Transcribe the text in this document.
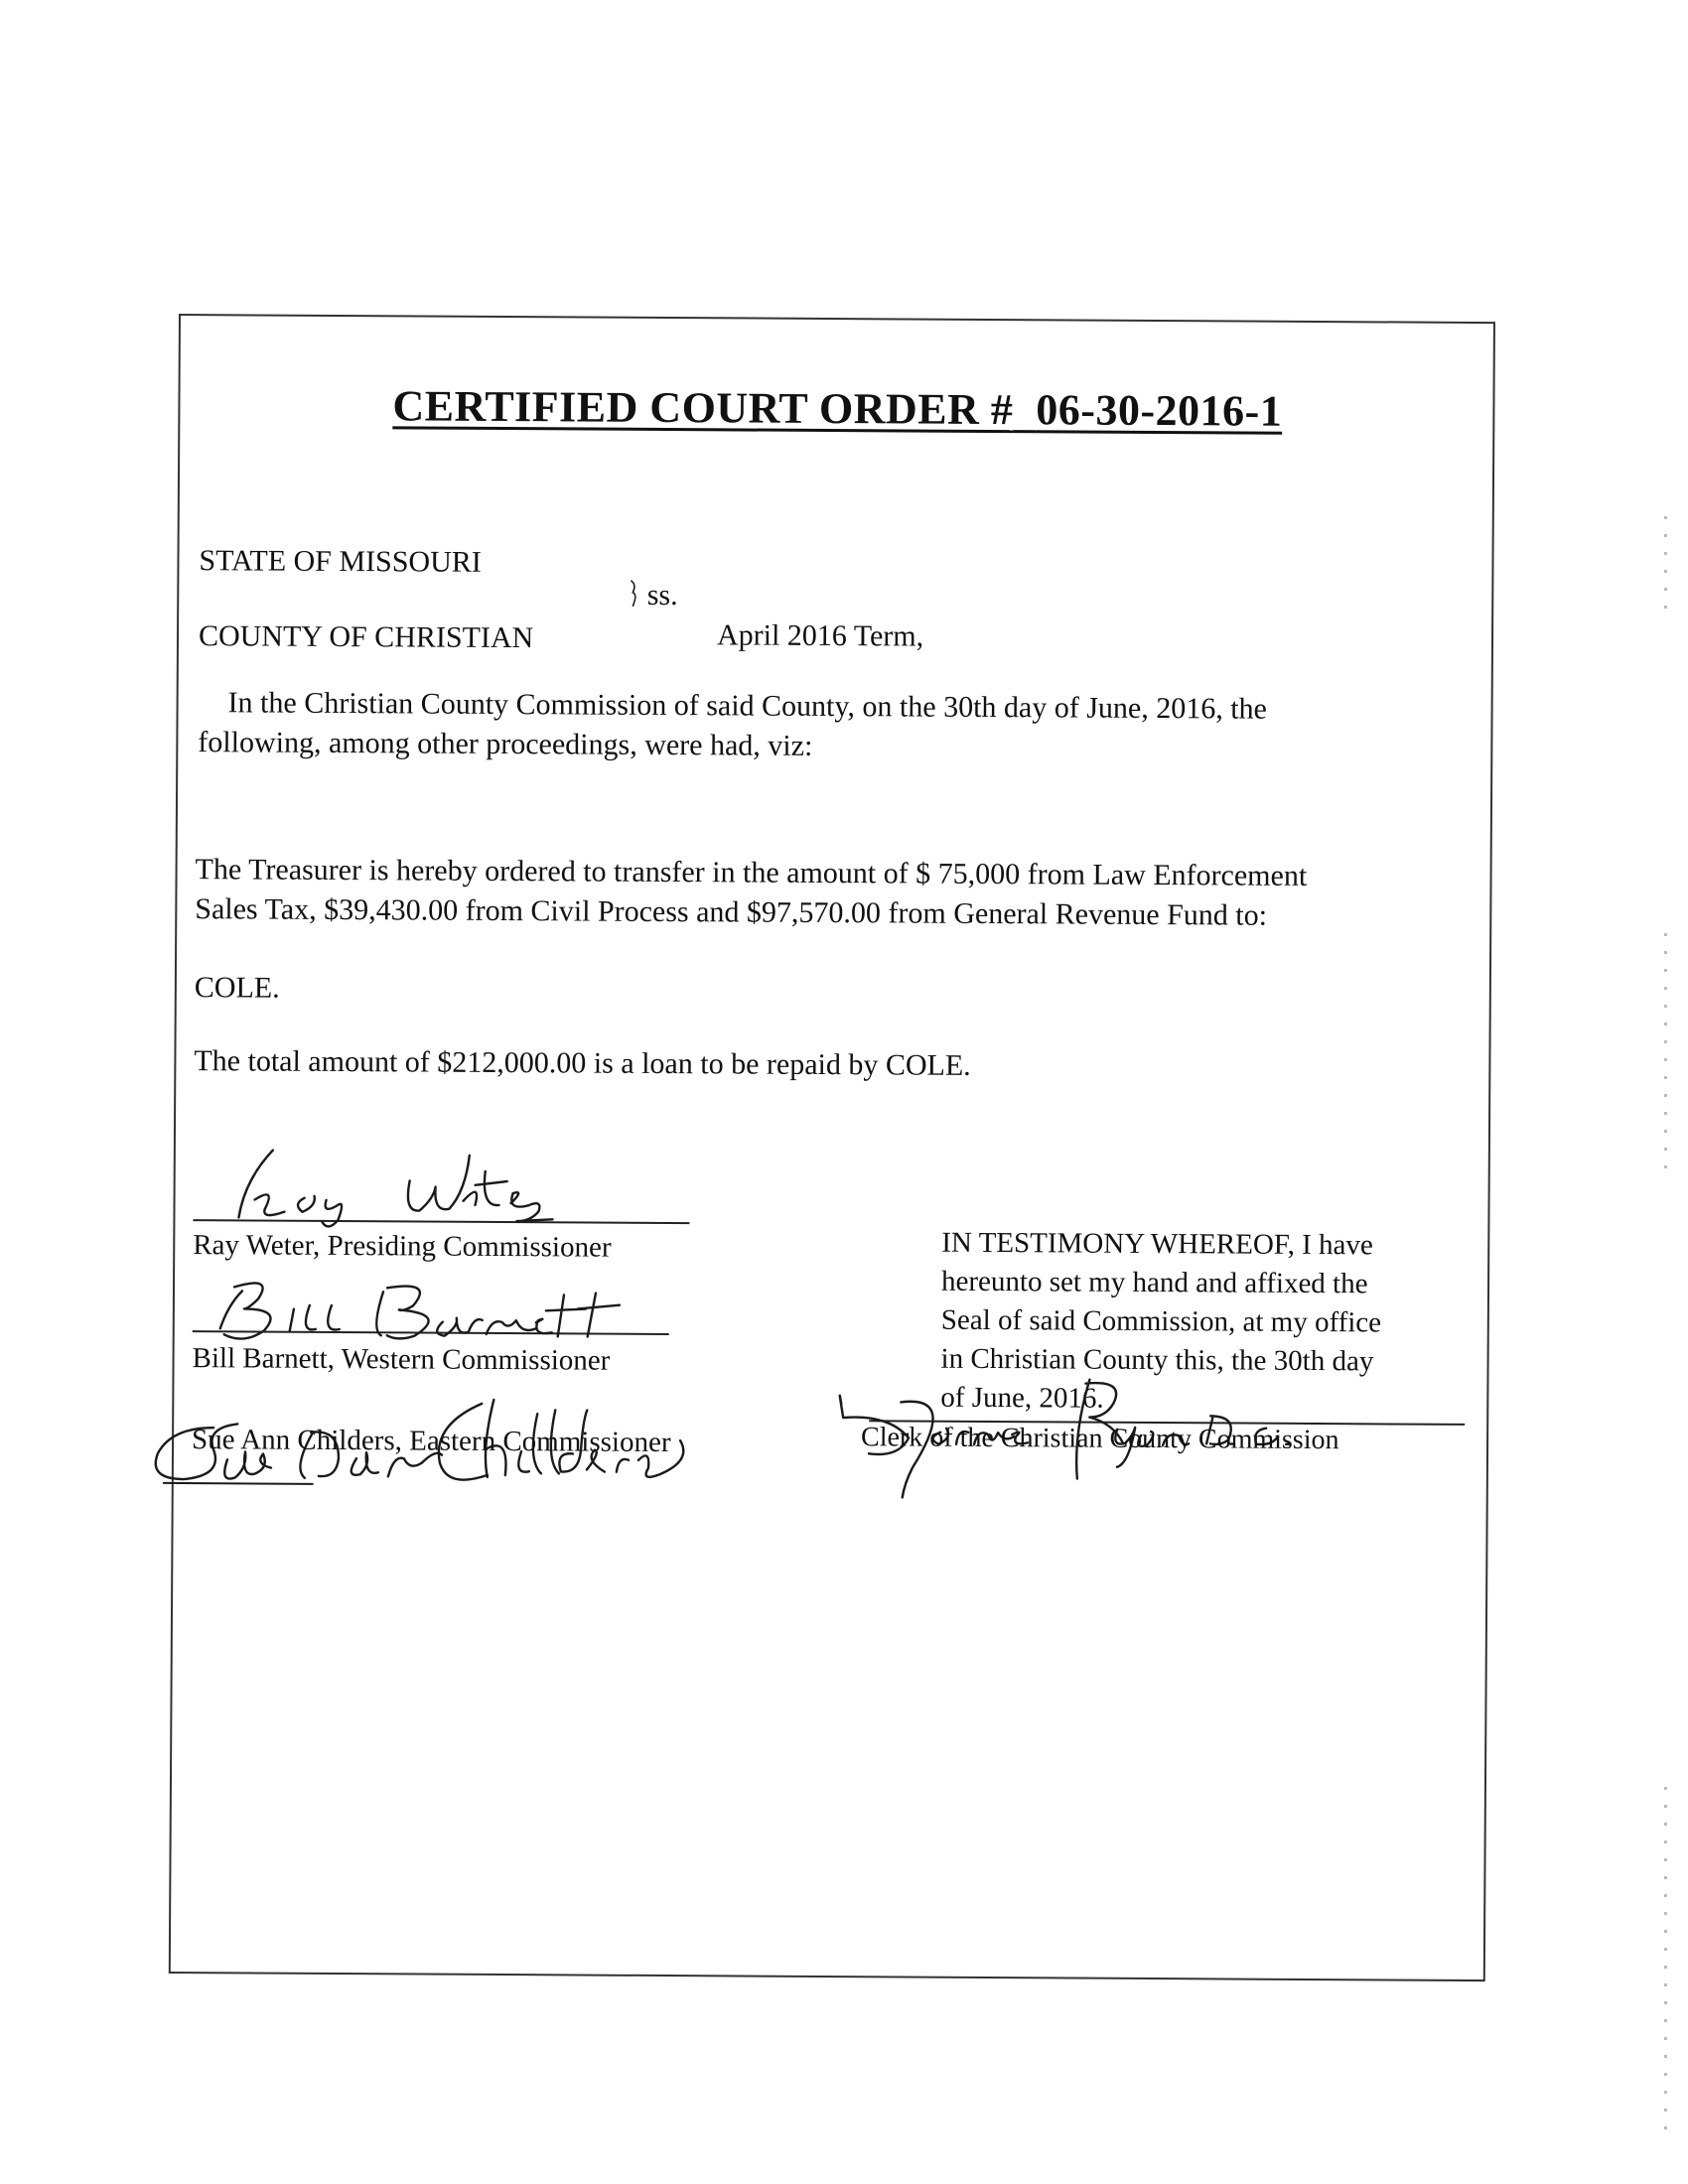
CERTIFIED COURT ORDER # 06-30-2016-1
STATE OF MISSOURI
ss.
COUNTY OF CHRISTIAN	April 2016 Term,
In the Christian County Commission of said County, on the 30th day of June, 2016, the
following, among other proceedings, were had, viz:
The Treasurer is hereby ordered to transfer in the amount of $ 75,000 from Law Enforcement
Sales Tax, $39,430.00 from Civil Process and $97,570.00 from General Revenue Fund to:
COLE.
The total amount of $212,000.00 is a loan to be repaid by COLE.
Ray Weter, Presiding Commissioner
Bill Barnett, Western Commissioner
Sue Ann Childers, Eastern Commissioner
IN TESTIMONY WHEREOF, I have
hereunto set my hand and affixed the
Seal of said Commission, at my office
in Christian County this, the 30th day
of June, 2016.
Clerk of the Christian County Commission
